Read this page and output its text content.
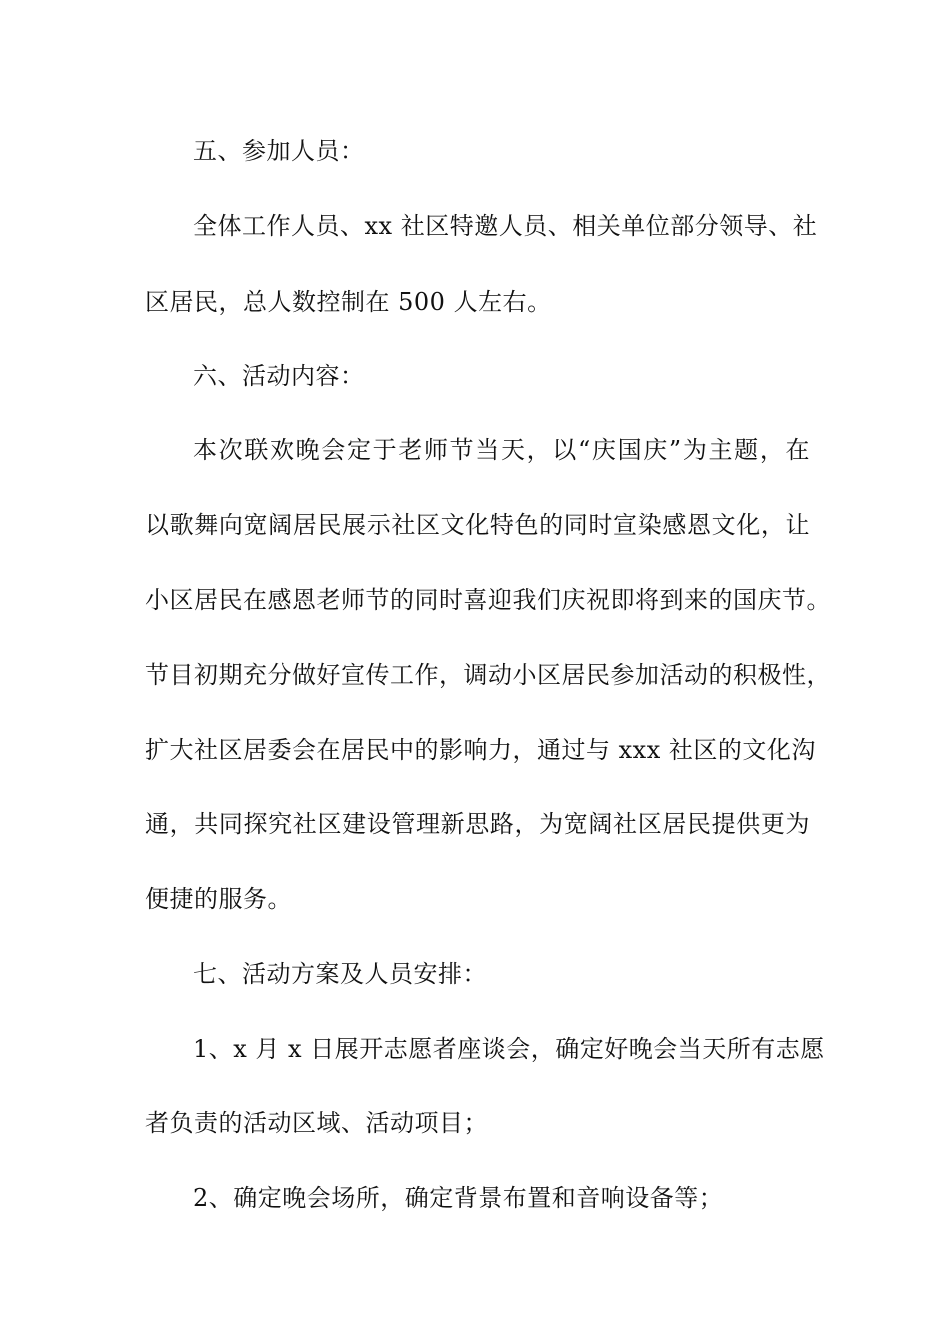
五、参加人员：
全体工作人员、xx 社区特邀人员、相关单位部分领导、社
区居民，总人数控制在 500 人左右。
六、活动内容：
本次联欢晚会定于老师节当天，以“庆国庆”为主题，在
以歌舞向宽阔居民展示社区文化特色的同时宣染感恩文化，让
小区居民在感恩老师节的同时喜迎我们庆祝即将到来的国庆节。
节目初期充分做好宣传工作，调动小区居民参加活动的积极性，
扩大社区居委会在居民中的影响力，通过与 xxx 社区的文化沟
通，共同探究社区建设管理新思路，为宽阔社区居民提供更为
便捷的服务。
七、活动方案及人员安排：
1、x 月 x 日展开志愿者座谈会，确定好晚会当天所有志愿
者负责的活动区域、活动项目；
2、确定晚会场所，确定背景布置和音响设备等；
